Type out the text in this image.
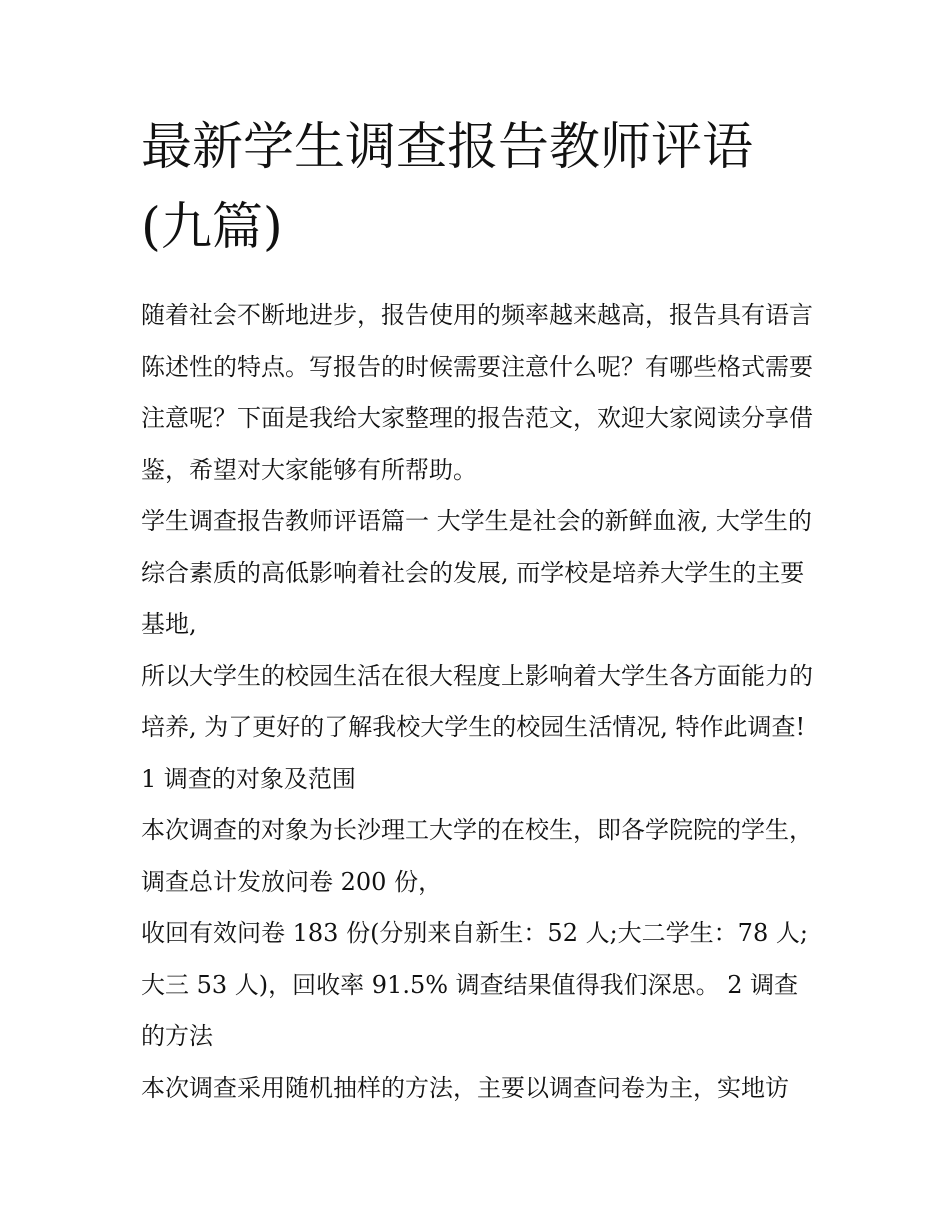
最新学生调查报告教师评语(九篇)

随着社会不断地进步，报告使用的频率越来越高，报告具有语言陈述性的特点。写报告的时候需要注意什么呢？有哪些格式需要注意呢？下面是我给大家整理的报告范文，欢迎大家阅读分享借鉴，希望对大家能够有所帮助。

学生调查报告教师评语篇一 大学生是社会的新鲜血液, 大学生的综合素质的高低影响着社会的发展, 而学校是培养大学生的主要基地,

所以大学生的校园生活在很大程度上影响着大学生各方面能力的培养, 为了更好的了解我校大学生的校园生活情况, 特作此调查! 1 调查的对象及范围

本次调查的对象为长沙理工大学的在校生，即各学院院的学生，调查总计发放问卷 200 份，

收回有效问卷 183 份(分别来自新生：52 人;大二学生：78 人;大三 53 人)，回收率 91.5% 调查结果值得我们深思。 2 调查的方法

本次调查采用随机抽样的方法，主要以调查问卷为主，实地访
